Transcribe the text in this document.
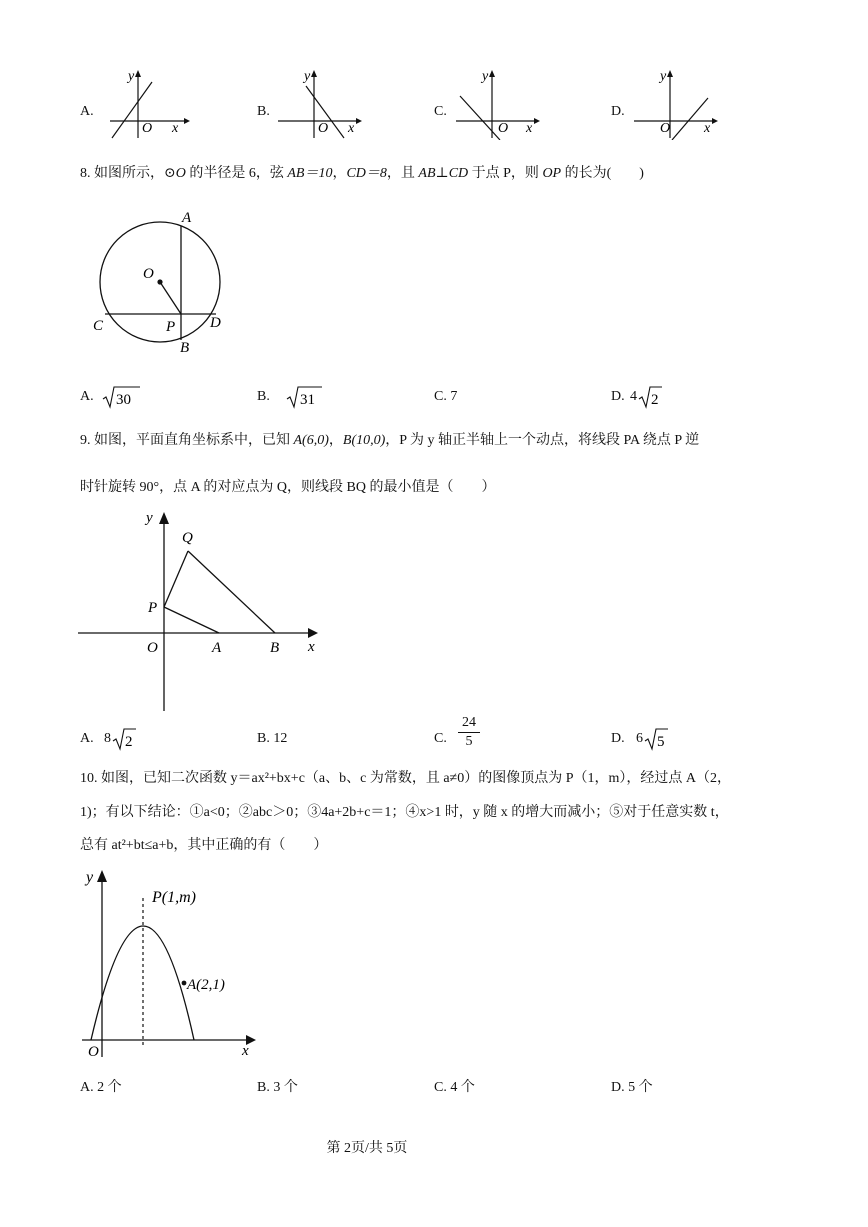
A.
y
O x
B.
y
O x
C.
y
O x
D.
y
O x
8. 如图所示，⊙O 的半径是 6，弦 AB＝10，CD＝8，且 AB⊥CD 于点 P，则 OP 的长为(　　)
A
O
C	D
P
B
A. 30	B. 31	C. 7	D. 4 2
9. 如图，平面直角坐标系中，已知 A(6,0)，B(10,0)，P 为 y 轴正半轴上一个动点，将线段 PA 绕点 P 逆
时针旋转 90°，点 A 的对应点为 Q，则线段 BQ 的最小值是（　　）
y
x
Q
P
O	A	B
A. 8 2	B. 12	C.
24
5	D. 6 5
10. 如图，已知二次函数 y＝ax²+bx+c（a、b、c 为常数，且 a≠0）的图像顶点为 P（1，m），经过点 A（2，
1)；有以下结论：①a<0；②abc＞0；③4a+2b+c＝1；④x>1 时，y 随 x 的增大而减小；⑤对于任意实数 t，
总有 at²+bt≤a+b，其中正确的有（　　）
y
x
O
P(1,m)
A(2,1)
A. 2 个	B. 3 个	C. 4 个	D. 5 个
第 2页/共 5页
